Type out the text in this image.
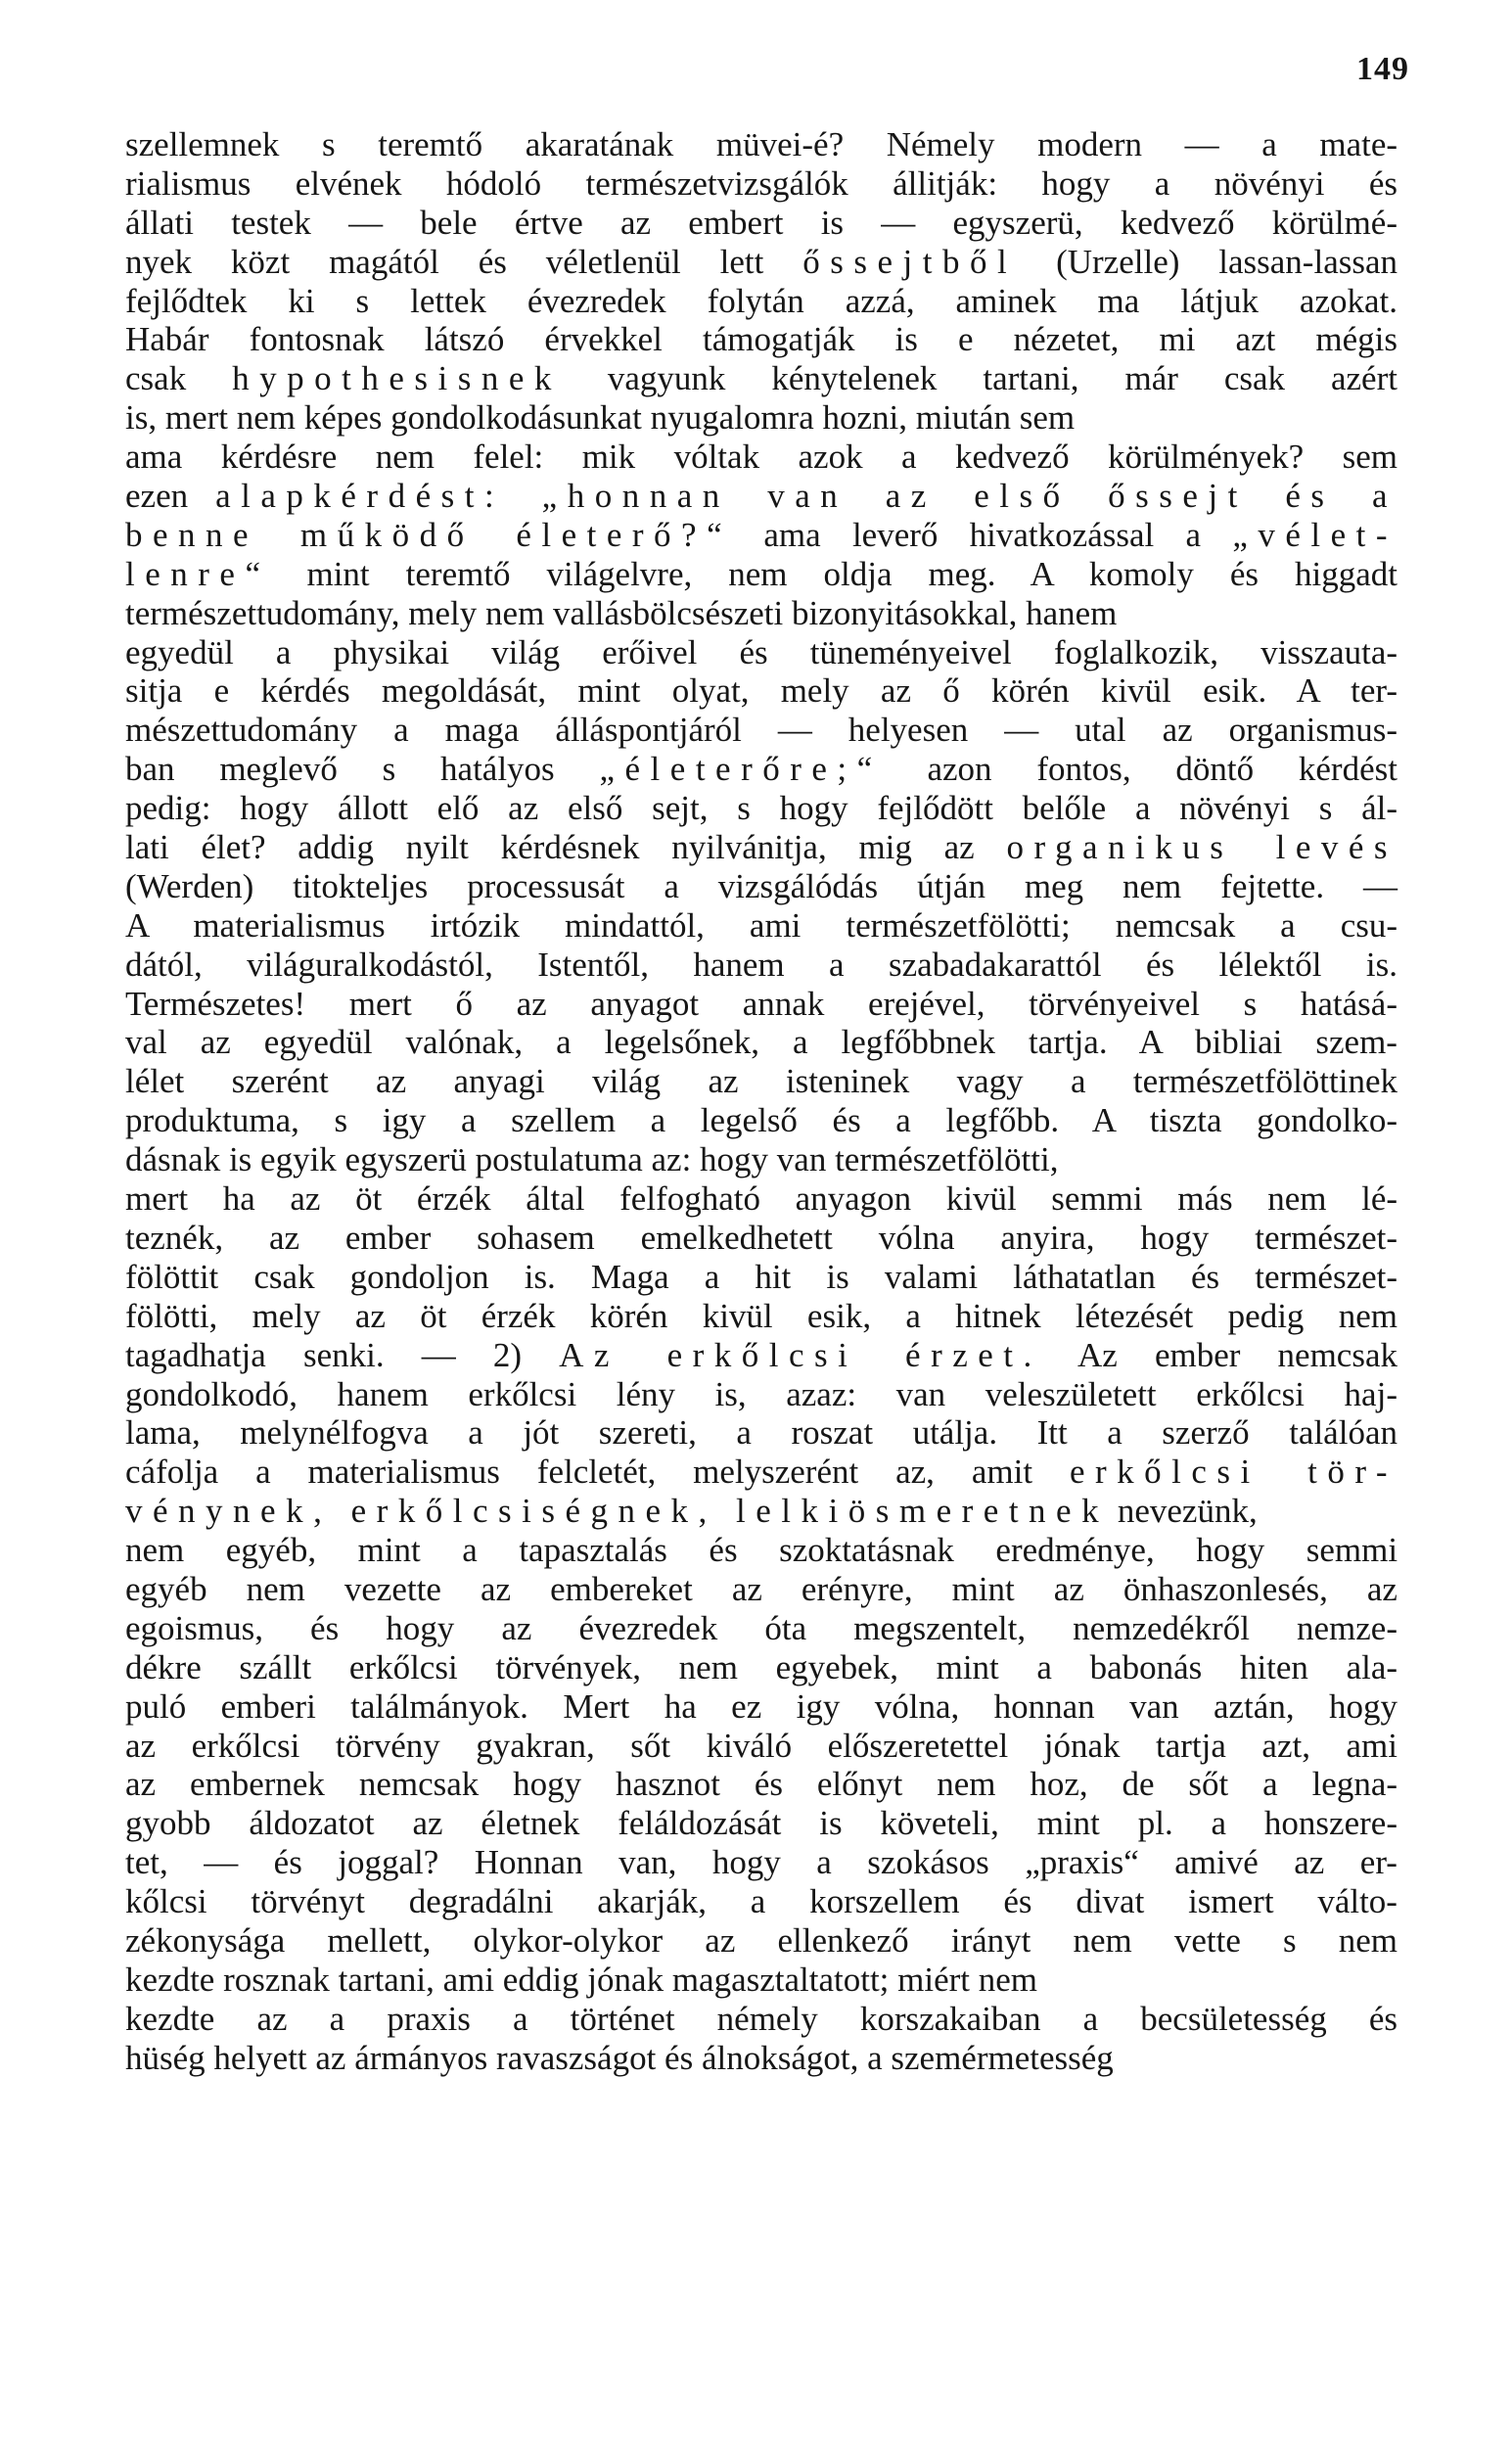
149
szellemnek s teremtő akaratának müvei-é? Némely modern — a mate-
rialismus elvének hódoló természetvizsgálók állitják: hogy a növényi és
állati testek — bele értve az embert is — egyszerü, kedvező körülmé-
nyek közt magától és véletlenül lett őssejtből (Urzelle) lassan-lassan
fejlődtek ki s lettek évezredek folytán azzá, aminek ma látjuk azokat.
Habár fontosnak látszó érvekkel támogatják is e nézetet, mi azt mégis
csak hypothesisnek vagyunk kénytelenek tartani, már csak azért
is, mert nem képes gondolkodásunkat nyugalomra hozni, miután sem
ama kérdésre nem felel: mik vóltak azok a kedvező körülmények? sem
ezen alapkérdést: „honnan van az első őssejt és a
benne működő életerő?“ ama leverő hivatkozással a „vélet-
lenre“ mint teremtő világelvre, nem oldja meg. A komoly és higgadt
természettudomány, mely nem vallásbölcsészeti bizonyitásokkal, hanem
egyedül a physikai világ erőivel és tüneményeivel foglalkozik, visszauta-
sitja e kérdés megoldását, mint olyat, mely az ő körén kivül esik. A ter-
mészettudomány a maga álláspontjáról — helyesen — utal az organismus-
ban meglevő s hatályos „életerőre;“ azon fontos, döntő kérdést
pedig: hogy állott elő az első sejt, s hogy fejlődött belőle a növényi s ál-
lati élet? addig nyilt kérdésnek nyilvánitja, mig az organikus levés
(Werden) titokteljes processusát a vizsgálódás útján meg nem fejtette. —
A materialismus irtózik mindattól, ami természetfölötti; nemcsak a csu-
dától, világuralkodástól, Istentől, hanem a szabadakarattól és lélektől is.
Természetes! mert ő az anyagot annak erejével, törvényeivel s hatásá-
val az egyedül valónak, a legelsőnek, a legfőbbnek tartja. A bibliai szem-
lélet szerént az anyagi világ az isteninek vagy a természetfölöttinek
produktuma, s igy a szellem a legelső és a legfőbb. A tiszta gondolko-
dásnak is egyik egyszerü postulatuma az: hogy van természetfölötti,
mert ha az öt érzék által felfogható anyagon kivül semmi más nem lé-
teznék, az ember sohasem emelkedhetett vólna anyira, hogy természet-
fölöttit csak gondoljon is. Maga a hit is valami láthatatlan és természet-
fölötti, mely az öt érzék körén kivül esik, a hitnek létezését pedig nem
tagadhatja senki. — 2) Az erkőlcsi érzet. Az ember nemcsak
gondolkodó, hanem erkőlcsi lény is, azaz: van veleszületett erkőlcsi haj-
lama, melynélfogva a jót szereti, a roszat utálja. Itt a szerző találóan
cáfolja a materialismus felcletét, melyszerént az, amit erkőlcsi tör-
vénynek, erkőlcsiségnek, lelkiösmeretnek nevezünk,
nem egyéb, mint a tapasztalás és szoktatásnak eredménye, hogy semmi
egyéb nem vezette az embereket az erényre, mint az önhaszonlesés, az
egoismus, és hogy az évezredek óta megszentelt, nemzedékről nemze-
dékre szállt erkőlcsi törvények, nem egyebek, mint a babonás hiten ala-
puló emberi találmányok. Mert ha ez igy vólna, honnan van aztán, hogy
az erkőlcsi törvény gyakran, sőt kiváló előszeretettel jónak tartja azt, ami
az embernek nemcsak hogy hasznot és előnyt nem hoz, de sőt a legna-
gyobb áldozatot az életnek feláldozását is követeli, mint pl. a honszere-
tet, — és joggal? Honnan van, hogy a szokásos „praxis“ amivé az er-
kőlcsi törvényt degradálni akarják, a korszellem és divat ismert válto-
zékonysága mellett, olykor-olykor az ellenkező irányt nem vette s nem
kezdte rosznak tartani, ami eddig jónak magasztaltatott; miért nem
kezdte az a praxis a történet némely korszakaiban a becsületesség és
hüség helyett az ármányos ravaszságot és álnokságot, a szemérmetesség
